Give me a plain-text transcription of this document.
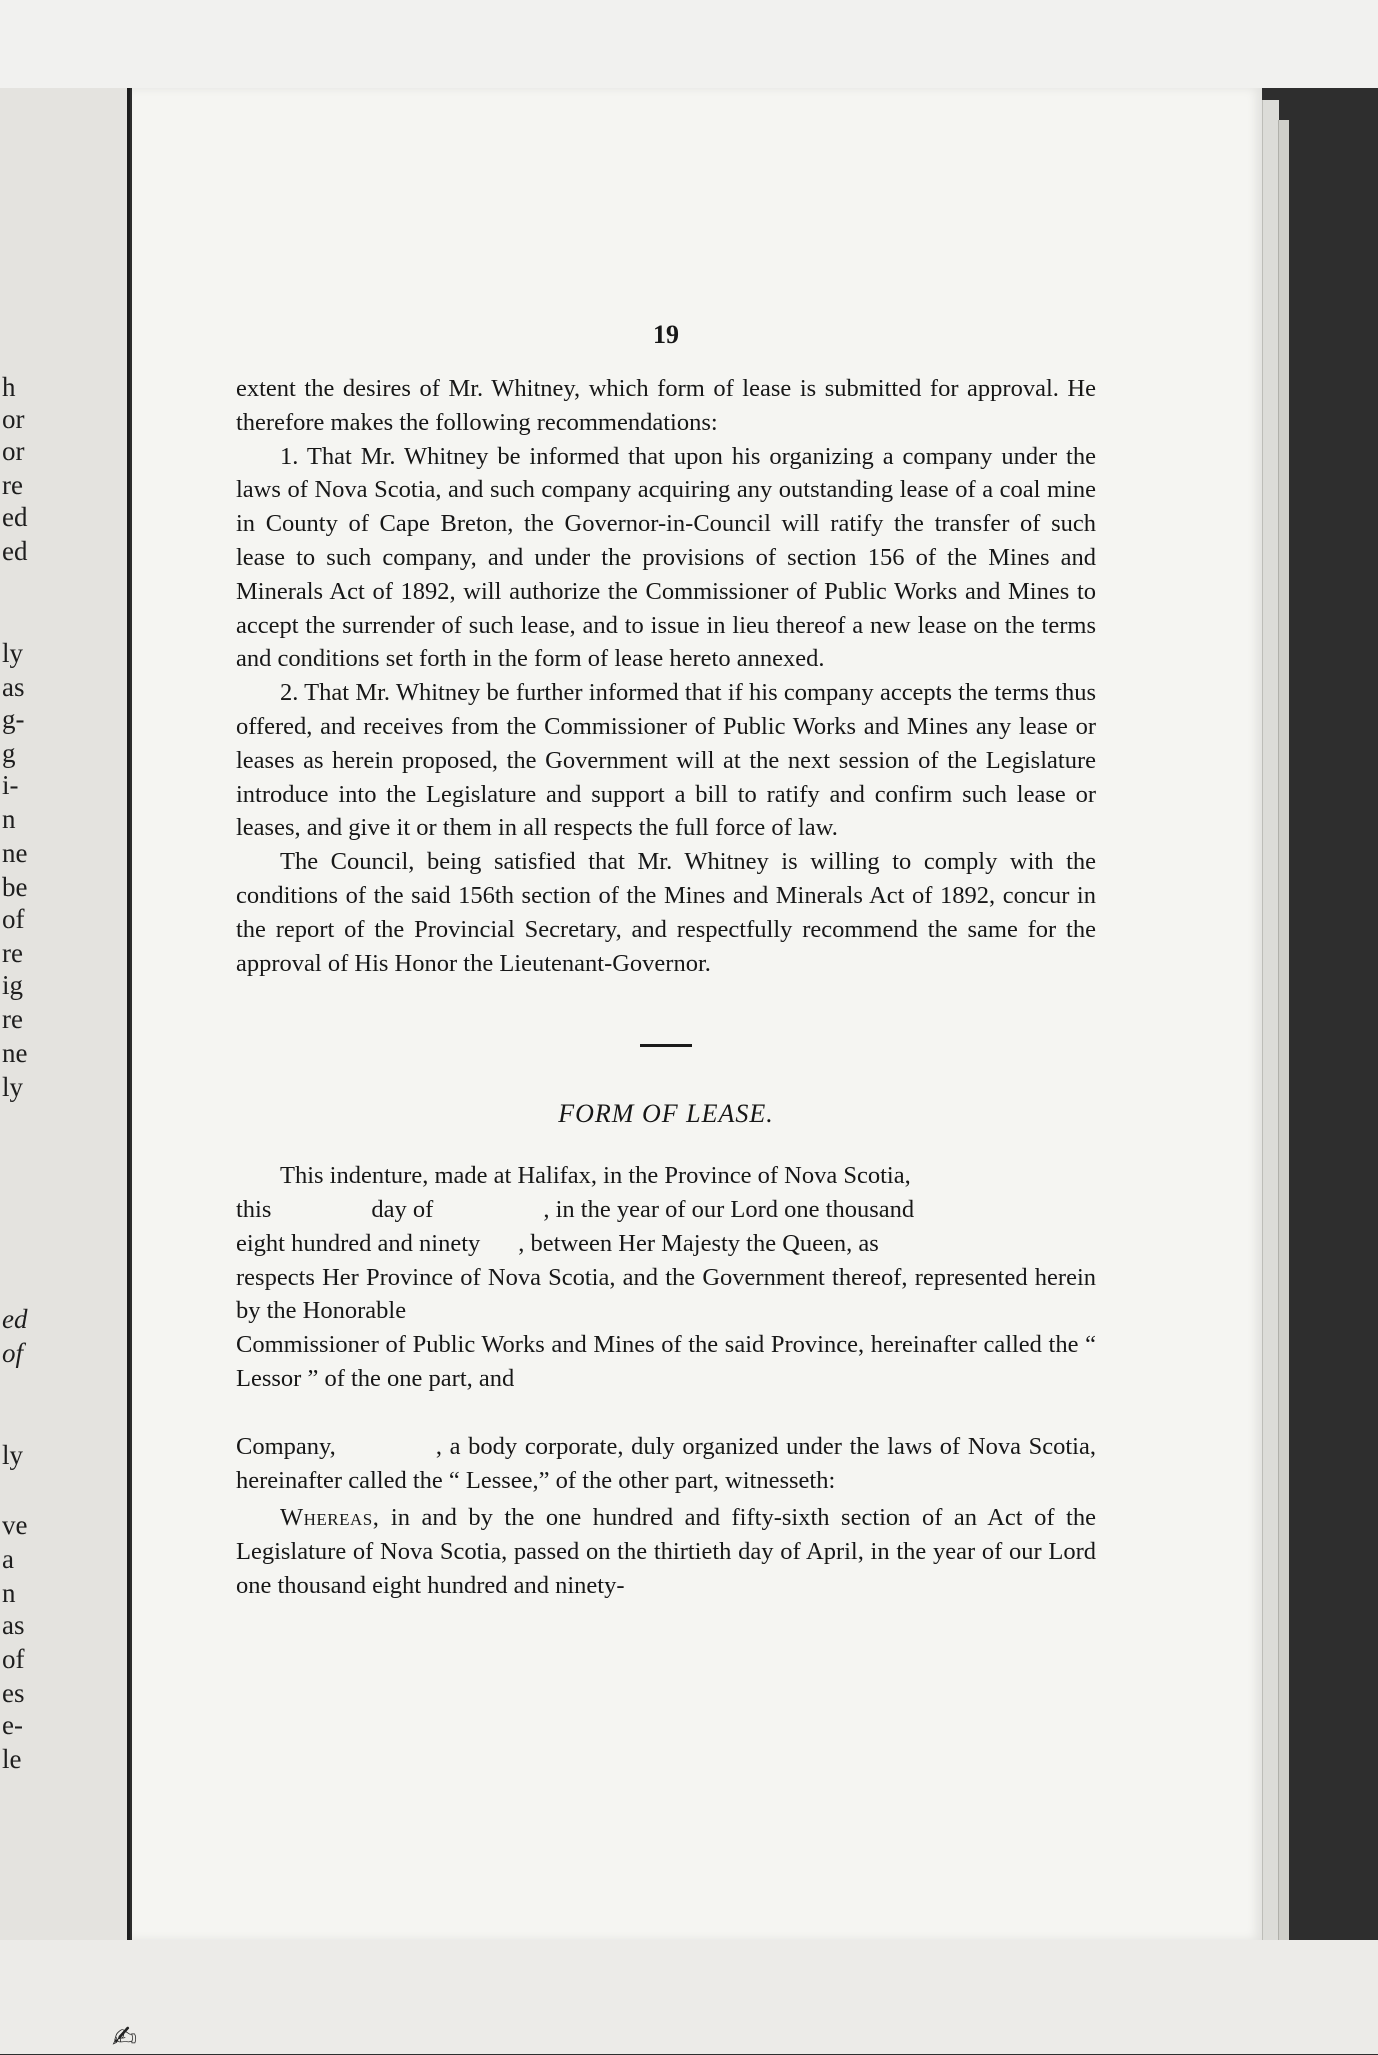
h
or
or
re
ed
ed
ly
as
g-
g
i-
n
ne
be
of
re
ig
re
ne
ly
ed
of
ly
ve
a
n
as
of
es
e-
le
19

extent the desires of Mr. Whitney, which form of lease is submitted for approval. He therefore makes the following recommendations:

1. That Mr. Whitney be informed that upon his organizing a company under the laws of Nova Scotia, and such company acquiring any outstanding lease of a coal mine in County of Cape Breton, the Governor-in-Council will ratify the transfer of such lease to such company, and under the provisions of section 156 of the Mines and Minerals Act of 1892, will authorize the Commissioner of Public Works and Mines to accept the surrender of such lease, and to issue in lieu thereof a new lease on the terms and conditions set forth in the form of lease hereto annexed.

2. That Mr. Whitney be further informed that if his company accepts the terms thus offered, and receives from the Commissioner of Public Works and Mines any lease or leases as herein proposed, the Government will at the next session of the Legislature introduce into the Legislature and support a bill to ratify and confirm such lease or leases, and give it or them in all respects the full force of law.

The Council, being satisfied that Mr. Whitney is willing to comply with the conditions of the said 156th section of the Mines and Minerals Act of 1892, concur in the report of the Provincial Secretary, and respectfully recommend the same for the approval of His Honor the Lieutenant-Governor.

FORM OF LEASE.

This indenture, made at Halifax, in the Province of Nova Scotia,
this	day of	, in the year of our Lord one thousand
eight hundred and ninety , between Her Majesty the Queen, as
respects Her Province of Nova Scotia, and the Government thereof, represented herein by the Honorable
Commissioner of Public Works and Mines of the said Province, hereinafter called the “ Lessor ” of the one part, and

Company,	, a body corporate, duly organized under the laws of Nova Scotia, hereinafter called the “ Lessee,” of the other part, witnesseth:

Whereas, in and by the one hundred and fifty-sixth section of an Act of the Legislature of Nova Scotia, passed on the thirtieth day of April, in the year of our Lord one thousand eight hundred and ninety-

✍
